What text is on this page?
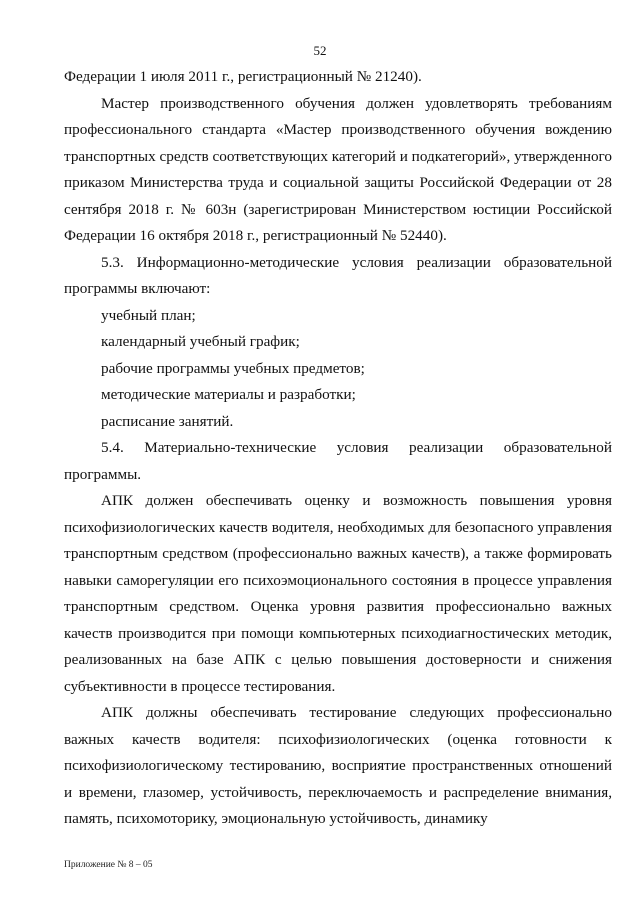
52

Федерации 1 июля 2011 г., регистрационный № 21240).

Мастер производственного обучения должен удовлетворять требованиям профессионального стандарта «Мастер производственного обучения вождению транспортных средств соответствующих категорий и подкатегорий», утвержденного приказом Министерства труда и социальной защиты Российской Федерации от 28 сентября 2018 г. № 603н (зарегистрирован Министерством юстиции Российской Федерации 16 октября 2018 г., регистрационный № 52440).

5.3. Информационно-методические условия реализации образовательной программы включают:

учебный план;

календарный учебный график;

рабочие программы учебных предметов;

методические материалы и разработки;

расписание занятий.

5.4. Материально-технические условия реализации образовательной программы.

АПК должен обеспечивать оценку и возможность повышения уровня психофизиологических качеств водителя, необходимых для безопасного управления транспортным средством (профессионально важных качеств), а также формировать навыки саморегуляции его психоэмоционального состояния в процессе управления транспортным средством. Оценка уровня развития профессионально важных качеств производится при помощи компьютерных психодиагностических методик, реализованных на базе АПК с целью повышения достоверности и снижения субъективности в процессе тестирования.

АПК должны обеспечивать тестирование следующих профессионально важных качеств водителя: психофизиологических (оценка готовности к психофизиологическому тестированию, восприятие пространственных отношений и времени, глазомер, устойчивость, переключаемость и распределение внимания, память, психомоторику, эмоциональную устойчивость, динамику

Приложение № 8 – 05
